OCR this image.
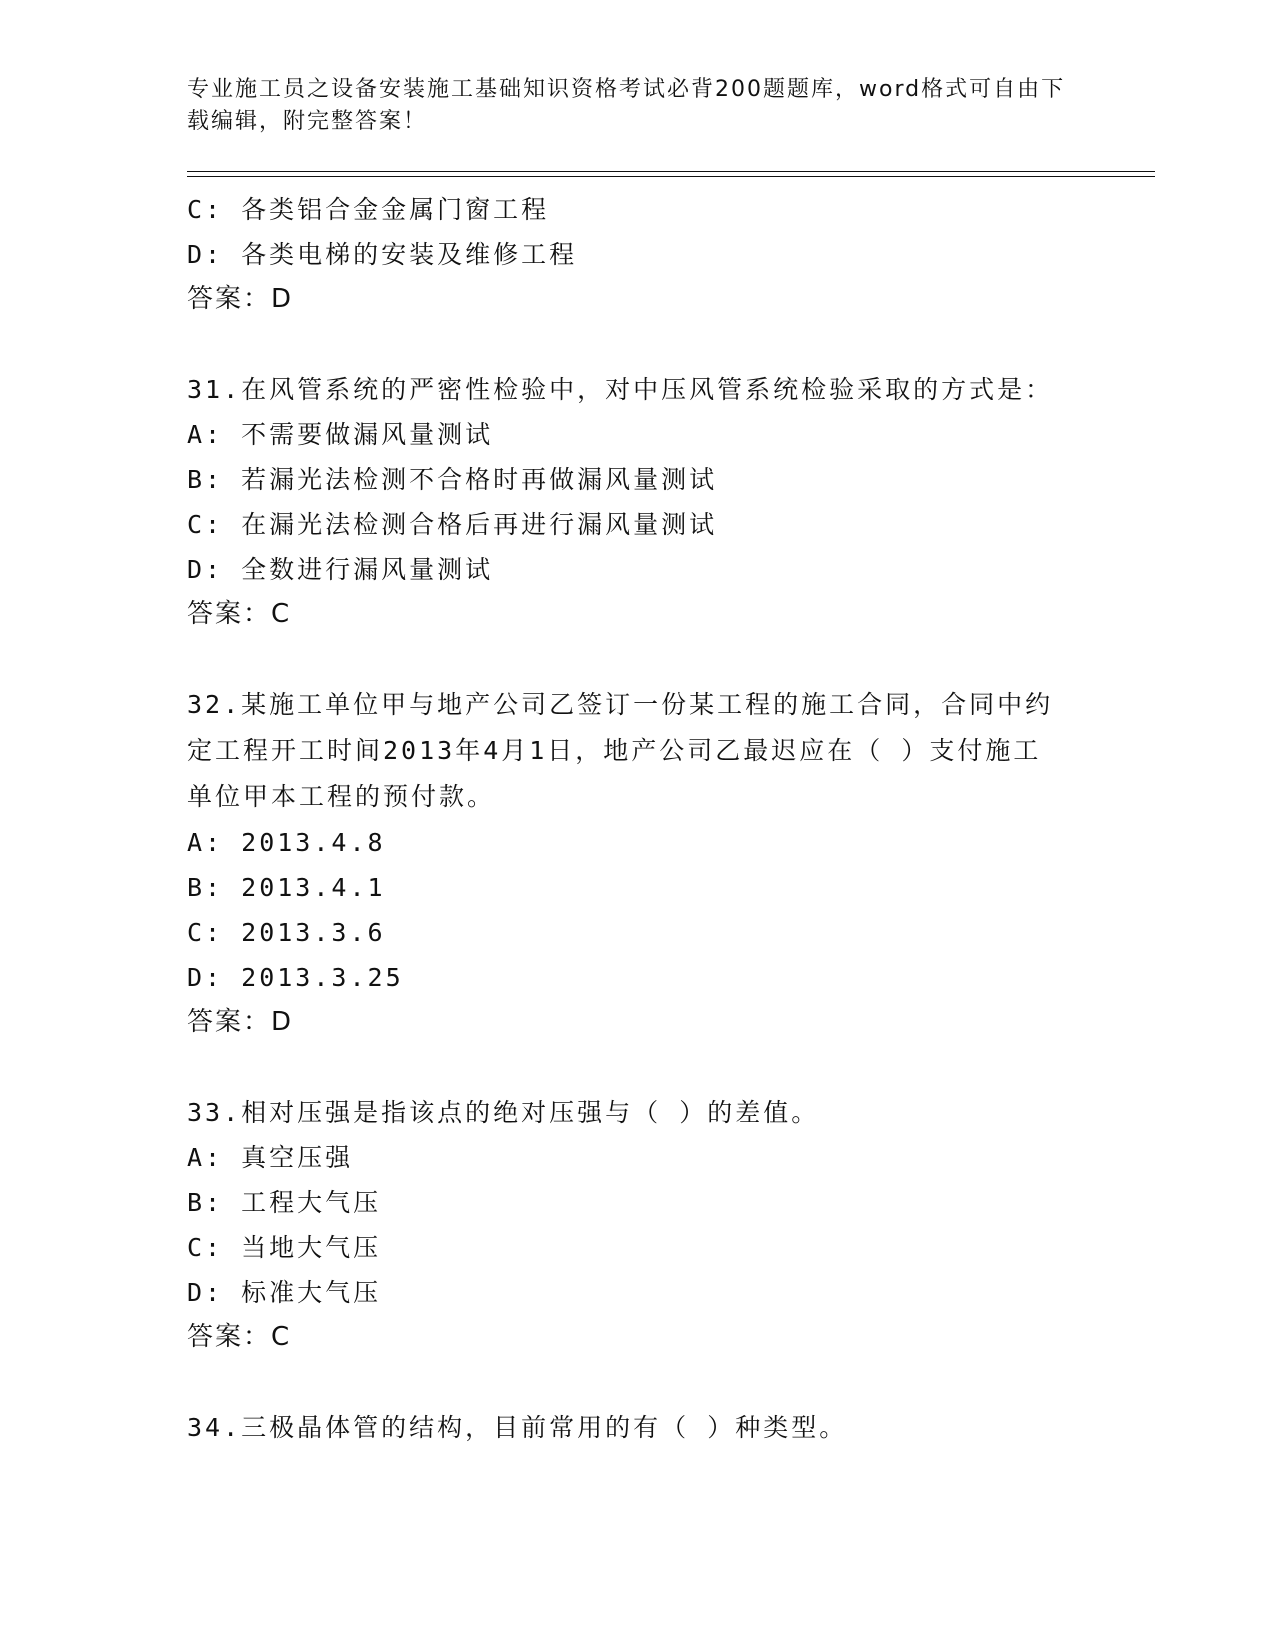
专业施工员之设备安装施工基础知识资格考试必背200题题库，word格式可自由下载编辑，附完整答案！
C: 各类铝合金金属门窗工程
D: 各类电梯的安装及维修工程
答案：D
31.在风管系统的严密性检验中，对中压风管系统检验采取的方式是：
A: 不需要做漏风量测试
B: 若漏光法检测不合格时再做漏风量测试
C: 在漏光法检测合格后再进行漏风量测试
D: 全数进行漏风量测试
答案：C
32.某施工单位甲与地产公司乙签订一份某工程的施工合同，合同中约定工程开工时间2013年4月1日，地产公司乙最迟应在（ ）支付施工单位甲本工程的预付款。
A: 2013.4.8
B: 2013.4.1
C: 2013.3.6
D: 2013.3.25
答案：D
33.相对压强是指该点的绝对压强与（ ）的差值。
A: 真空压强
B: 工程大气压
C: 当地大气压
D: 标准大气压
答案：C
34.三极晶体管的结构，目前常用的有（ ）种类型。
